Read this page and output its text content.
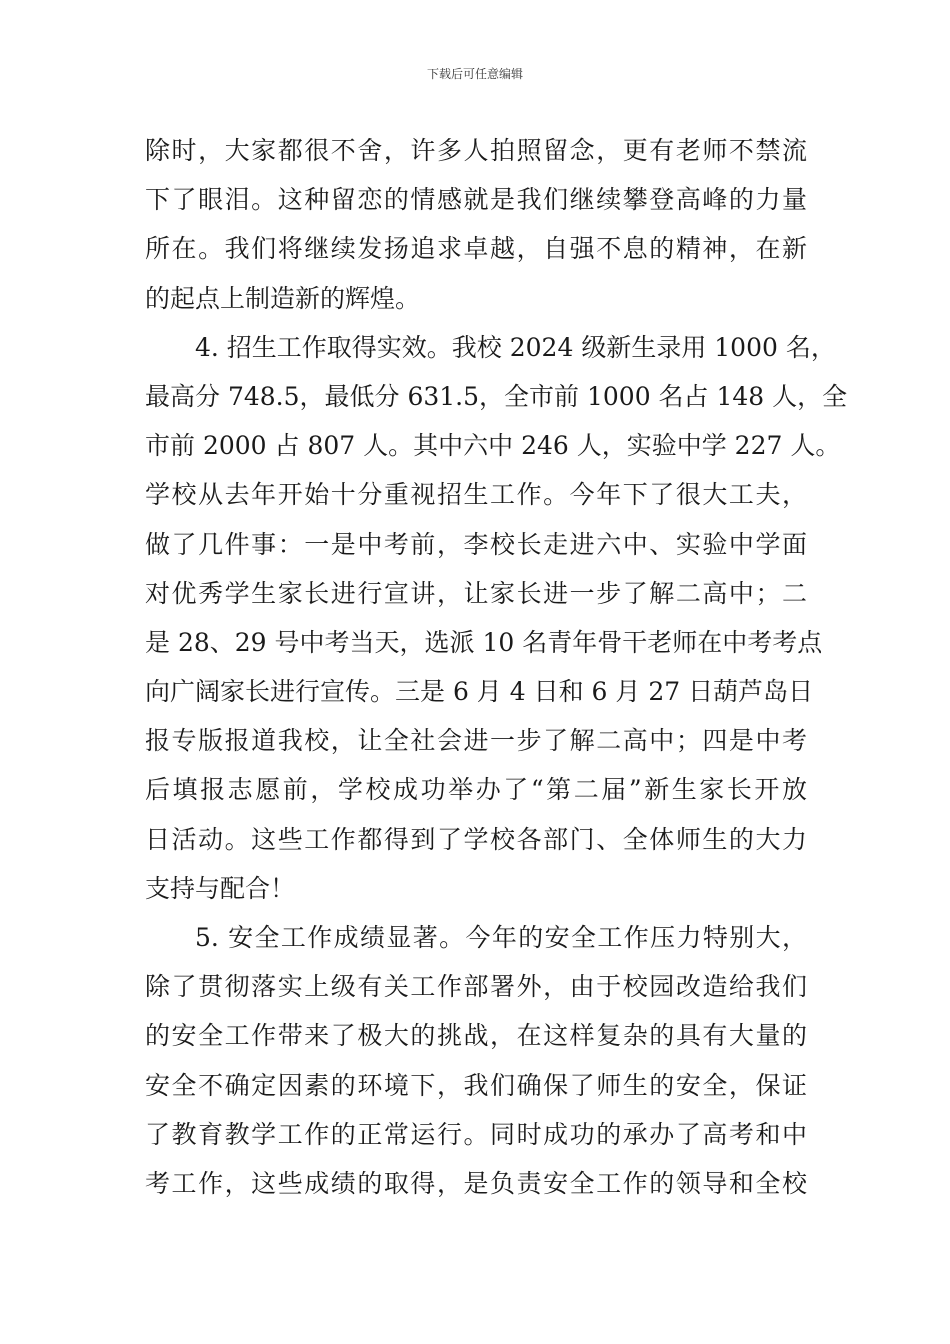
下载后可任意编辑
除时，大家都很不舍，许多人拍照留念，更有老师不禁流
下了眼泪。这种留恋的情感就是我们继续攀登高峰的力量
所在。我们将继续发扬追求卓越，自强不息的精神，在新
的起点上制造新的辉煌。
4. 招生工作取得实效。我校 2024 级新生录用 1000 名，
最高分 748.5，最低分 631.5，全市前 1000 名占 148 人，全
市前 2000 占 807 人。其中六中 246 人，实验中学 227 人。
学校从去年开始十分重视招生工作。今年下了很大工夫，
做了几件事：一是中考前，李校长走进六中、实验中学面
对优秀学生家长进行宣讲，让家长进一步了解二高中；二
是 28、29 号中考当天，选派 10 名青年骨干老师在中考考点
向广阔家长进行宣传。三是 6 月 4 日和 6 月 27 日葫芦岛日
报专版报道我校，让全社会进一步了解二高中；四是中考
后填报志愿前，学校成功举办了“第二届”新生家长开放
日活动。这些工作都得到了学校各部门、全体师生的大力
支持与配合！
5. 安全工作成绩显著。今年的安全工作压力特别大，
除了贯彻落实上级有关工作部署外，由于校园改造给我们
的安全工作带来了极大的挑战，在这样复杂的具有大量的
安全不确定因素的环境下，我们确保了师生的安全，保证
了教育教学工作的正常运行。同时成功的承办了高考和中
考工作，这些成绩的取得，是负责安全工作的领导和全校
